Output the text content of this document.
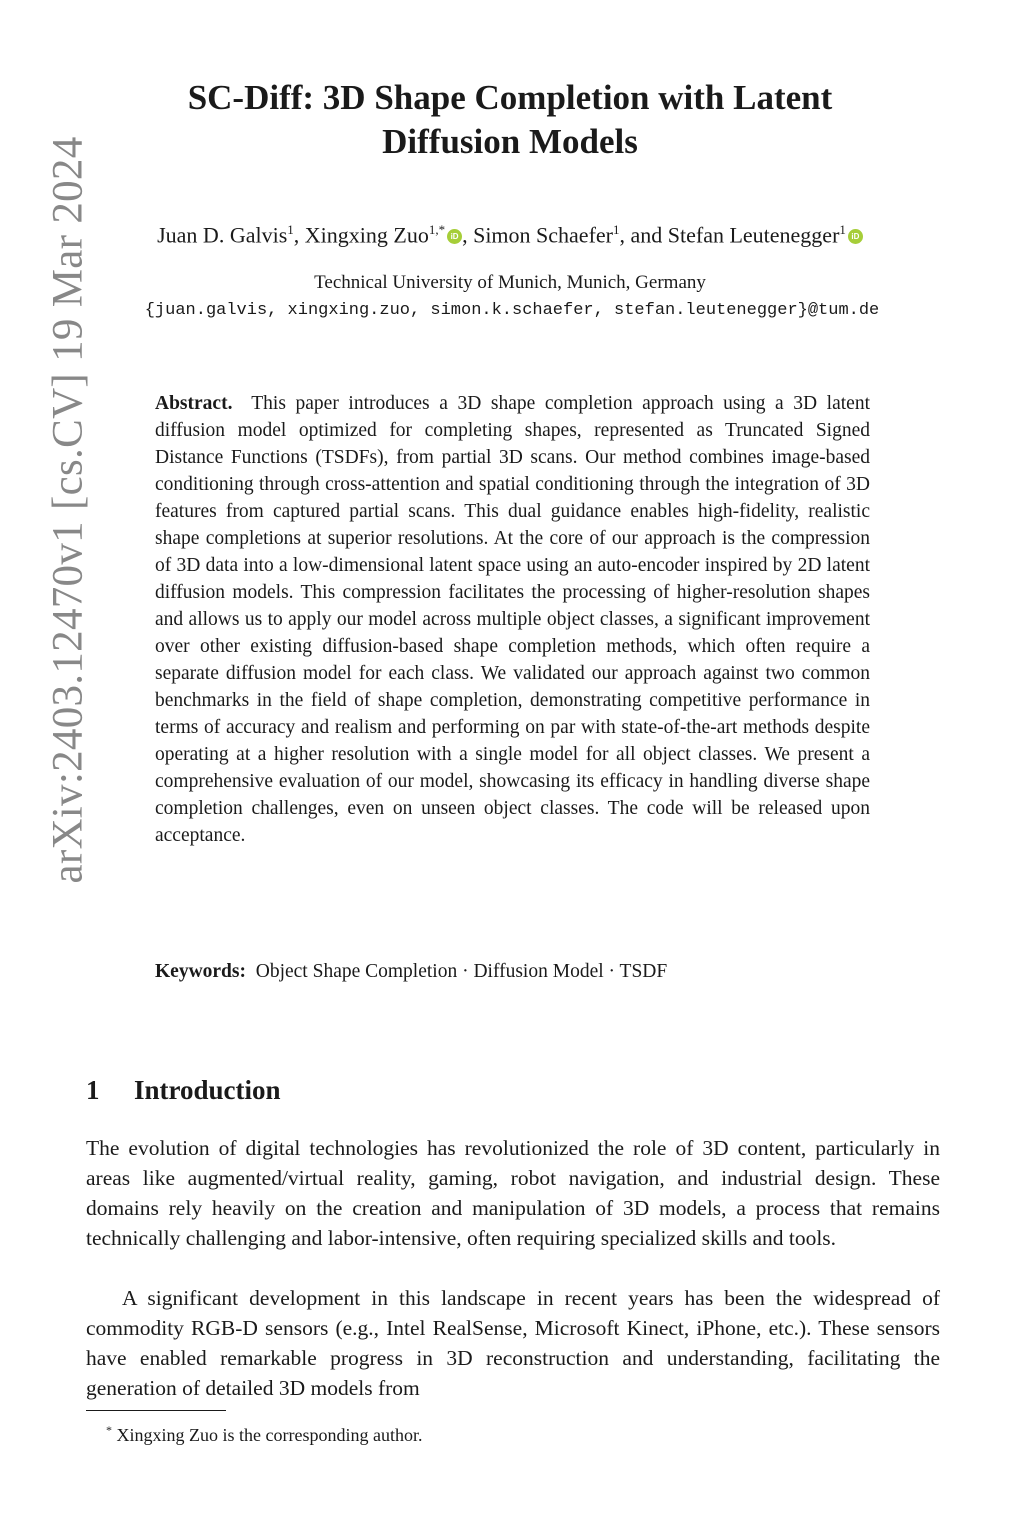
arXiv:2403.12470v1 [cs.CV] 19 Mar 2024
SC-Diff: 3D Shape Completion with Latent Diffusion Models
Juan D. Galvis$^1$, Xingxing Zuo$^{1,*}$ iD , Simon Schaefer$^1$, and Stefan Leutenegger$^1$ iD
Technical University of Munich, Munich, Germany
{juan.galvis, xingxing.zuo, simon.k.schaefer, stefan.leutenegger}@tum.de

Abstract. This paper introduces a 3D shape completion approach using a 3D latent diffusion model optimized for completing shapes, represented as Truncated Signed Distance Functions (TSDFs), from partial 3D scans. Our method combines image-based conditioning through cross-attention and spatial conditioning through the integration of 3D features from captured partial scans. This dual guidance enables high-fidelity, realistic shape completions at superior resolutions. At the core of our approach is the compression of 3D data into a low-dimensional latent space using an auto-encoder inspired by 2D latent diffusion models. This compression facilitates the processing of higher-resolution shapes and allows us to apply our model across multiple object classes, a significant improvement over other existing diffusion-based shape completion methods, which often require a separate diffusion model for each class. We validated our approach against two common benchmarks in the field of shape completion, demonstrating competitive performance in terms of accuracy and realism and performing on par with state-of-the-art methods despite operating at a higher resolution with a single model for all object classes. We present a comprehensive evaluation of our model, showcasing its efficacy in handling diverse shape completion challenges, even on unseen object classes. The code will be released upon acceptance.

Keywords: Object Shape Completion · Diffusion Model · TSDF
1 Introduction

The evolution of digital technologies has revolutionized the role of 3D content, particularly in areas like augmented/virtual reality, gaming, robot navigation, and industrial design. These domains rely heavily on the creation and manipulation of 3D models, a process that remains technically challenging and labor-intensive, often requiring specialized skills and tools.

A significant development in this landscape in recent years has been the widespread of commodity RGB-D sensors (e.g., Intel RealSense, Microsoft Kinect, iPhone, etc.). These sensors have enabled remarkable progress in 3D reconstruction and understanding, facilitating the generation of detailed 3D models from

* Xingxing Zuo is the corresponding author.
